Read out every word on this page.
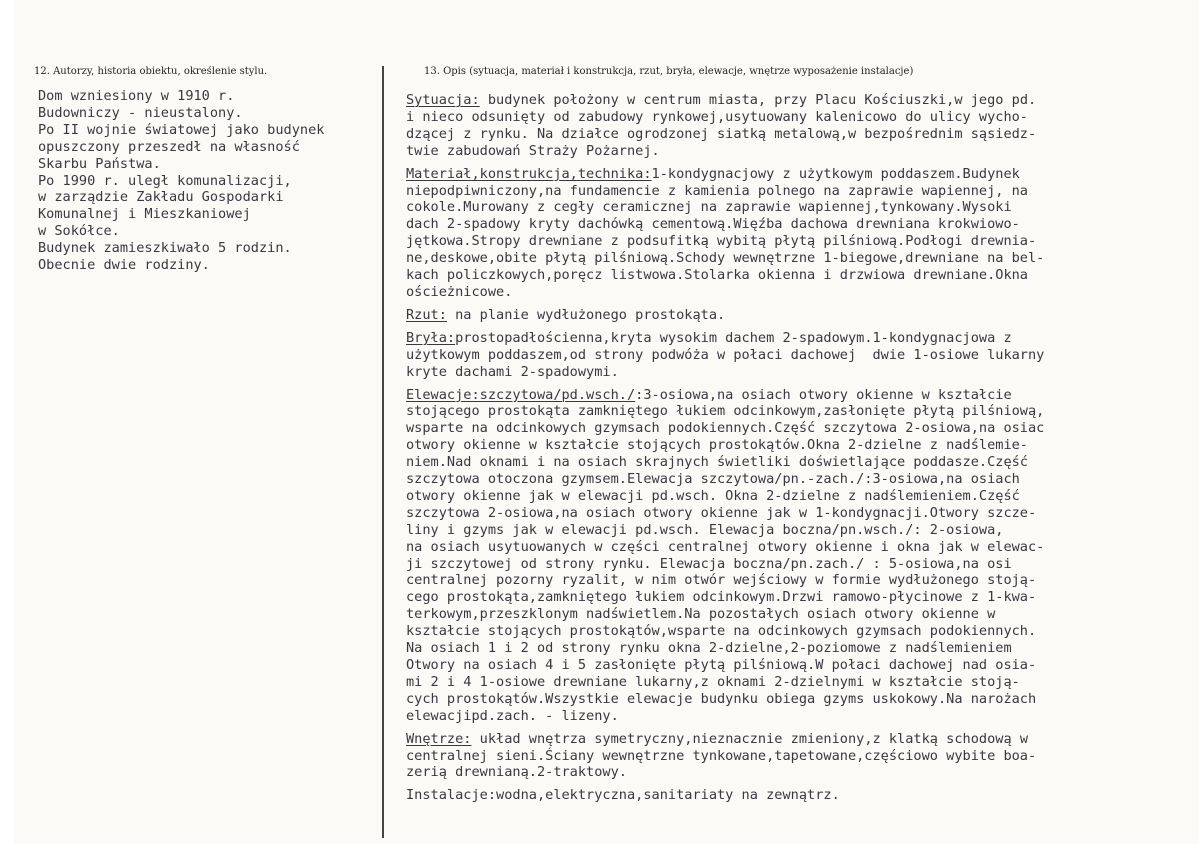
12. Autorzy, historia obiektu, określenie stylu.	13. Opis (sytuacja, materiał i konstrukcja, rzut, bryła, elewacje, wnętrze wyposażenie instalacje)
Dom wzniesiony w 1910 r.
Budowniczy - nieustalony.
Po II wojnie światowej jako budynek
opuszczony przeszedł na własność
Skarbu Państwa.
Po 1990 r. uległ komunalizacji,
w zarządzie Zakładu Gospodarki
Komunalnej i Mieszkaniowej
w Sokółce.
Budynek zamieszkiwało 5 rodzin.
Obecnie dwie rodziny.
Sytuacja: budynek położony w centrum miasta, przy Placu Kościuszki,w jego pd.
i nieco odsunięty od zabudowy rynkowej,usytuowany kalenicowo do ulicy wycho-
dzącej z rynku. Na działce ogrodzonej siatką metalową,w bezpośrednim sąsiedz-
twie zabudowań Straży Pożarnej.
Materiał,konstrukcja,technika:1-kondygnacjowy z użytkowym poddaszem.Budynek
niepodpiwniczony,na fundamencie z kamienia polnego na zaprawie wapiennej, na
cokole.Murowany z cegły ceramicznej na zaprawie wapiennej,tynkowany.Wysoki
dach 2-spadowy kryty dachówką cementową.Więźba dachowa drewniana krokwiowo-
jętkowa.Stropy drewniane z podsufitką wybitą płytą pilśniową.Podłogi drewnia-
ne,deskowe,obite płytą pilśniową.Schody wewnętrzne 1-biegowe,drewniane na bel-
kach policzkowych,poręcz listwowa.Stolarka okienna i drzwiowa drewniane.Okna
ościeżnicowe.
Rzut: na planie wydłużonego prostokąta.
Bryła:prostopadłościenna,kryta wysokim dachem 2-spadowym.1-kondygnacjowa z
użytkowym poddaszem,od strony podwóża w połaci dachowej  dwie 1-osiowe lukarny
kryte dachami 2-spadowymi.
Elewacje:szczytowa/pd.wsch./:3-osiowa,na osiach otwory okienne w kształcie
stojącego prostokąta zamkniętego łukiem odcinkowym,zasłonięte płytą pilśniową,
wsparte na odcinkowych gzymsach podokiennych.Część szczytowa 2-osiowa,na osiac
otwory okienne w kształcie stojących prostokątów.Okna 2-dzielne z nadślemie-
niem.Nad oknami i na osiach skrajnych świetliki doświetlające poddasze.Część
szczytowa otoczona gzymsem.Elewacja szczytowa/pn.-zach./:3-osiowa,na osiach
otwory okienne jak w elewacji pd.wsch. Okna 2-dzielne z nadślemieniem.Część
szczytowa 2-osiowa,na osiach otwory okienne jak w 1-kondygnacji.Otwory szcze-
liny i gzyms jak w elewacji pd.wsch. Elewacja boczna/pn.wsch./: 2-osiowa,
na osiach usytuowanych w części centralnej otwory okienne i okna jak w elewac-
ji szczytowej od strony rynku. Elewacja boczna/pn.zach./ : 5-osiowa,na osi
centralnej pozorny ryzalit, w nim otwór wejściowy w formie wydłużonego stoją-
cego prostokąta,zamkniętego łukiem odcinkowym.Drzwi ramowo-płycinowe z 1-kwa-
terkowym,przeszklonym nadświetlem.Na pozostałych osiach otwory okienne w
kształcie stojących prostokątów,wsparte na odcinkowych gzymsach podokiennych.
Na osiach 1 i 2 od strony rynku okna 2-dzielne,2-poziomowe z nadślemieniem
Otwory na osiach 4 i 5 zasłonięte płytą pilśniową.W połaci dachowej nad osia-
mi 2 i 4 1-osiowe drewniane lukarny,z oknami 2-dzielnymi w kształcie stoją-
cych prostokątów.Wszystkie elewacje budynku obiega gzyms uskokowy.Na narożach
elewacjipd.zach. - lizeny.
Wnętrze: układ wnętrza symetryczny,nieznacznie zmieniony,z klatką schodową w
centralnej sieni.Ściany wewnętrzne tynkowane,tapetowane,częściowo wybite boa-
zerią drewnianą.2-traktowy.
Instalacje:wodna,elektryczna,sanitariaty na zewnątrz.
